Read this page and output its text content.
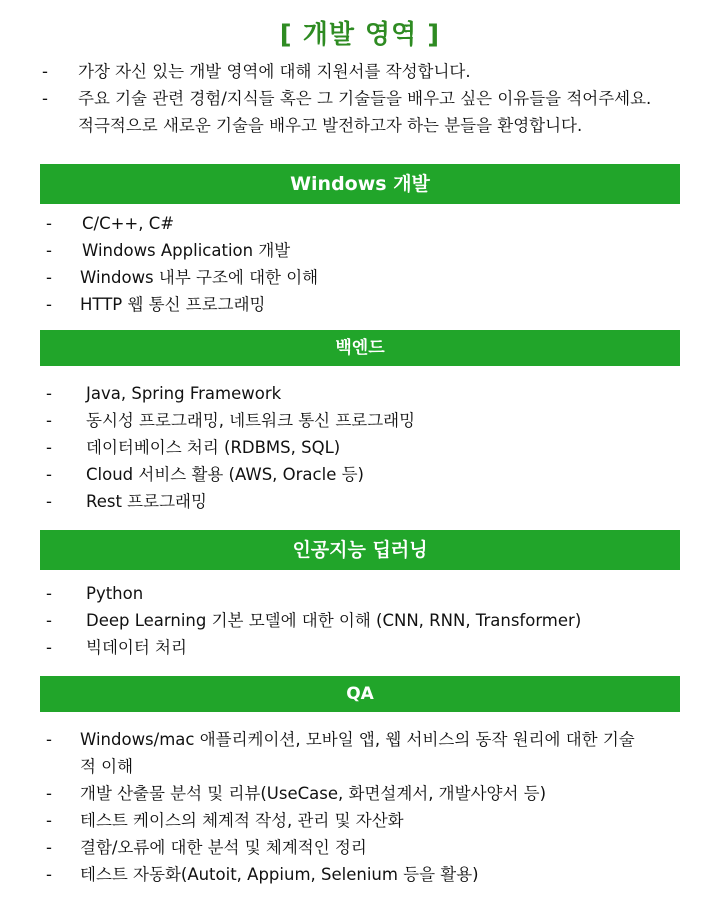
[ 개발 영역 ]
- 가장 자신 있는 개발 영역에 대해 지원서를 작성합니다.
- 주요 기술 관련 경험/지식들 혹은 그 기술들을 배우고 싶은 이유들을 적어주세요.
적극적으로 새로운 기술을 배우고 발전하고자 하는 분들을 환영합니다.
Windows 개발
-	C/C++, C#
-	Windows Application 개발
-	Windows 내부 구조에 대한 이해
-	HTTP 웹 통신 프로그래밍
백엔드
-	Java, Spring Framework
-	동시성 프로그래밍, 네트워크 통신 프로그래밍
-	데이터베이스 처리 (RDBMS, SQL)
-	Cloud 서비스 활용 (AWS, Oracle 등)
-	Rest 프로그래밍
인공지능 딥러닝
-	Python
-	Deep Learning 기본 모델에 대한 이해 (CNN, RNN, Transformer)
-	빅데이터 처리
QA
-	Windows/mac 애플리케이션, 모바일 앱, 웹 서비스의 동작 원리에 대한 기술적 이해
-	개발 산출물 분석 및 리뷰(UseCase, 화면설계서, 개발사양서 등)
-	테스트 케이스의 체계적 작성, 관리 및 자산화
-	결함/오류에 대한 분석 및 체계적인 정리
-	테스트 자동화(Autoit, Appium, Selenium 등을 활용)
